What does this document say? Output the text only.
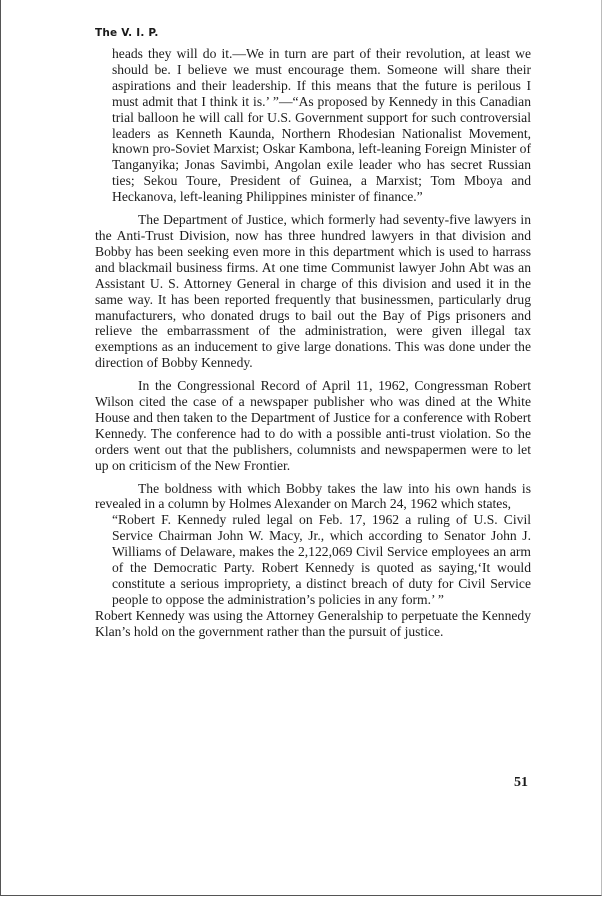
The V. I. P.

heads they will do it.—We in turn are part of their revolution, at least we should be. I believe we must encourage them. Someone will share their aspirations and their leadership. If this means that the future is perilous I must admit that I think it is.’ ”—“As proposed by Kennedy in this Canadian trial balloon he will call for U.S. Government support for such controversial leaders as Kenneth Kaunda, Northern Rhodesian Nationalist Movement, known pro-Soviet Marxist; Oskar Kambona, left-leaning Foreign Minister of Tanganyika; Jonas Savimbi, Angolan exile leader who has secret Russian ties; Sekou Toure, President of Guinea, a Marxist; Tom Mboya and Heckanova, left-leaning Philippines minister of finance.”

The Department of Justice, which formerly had seventy-five lawyers in the Anti-Trust Division, now has three hundred lawyers in that division and Bobby has been seeking even more in this department which is used to harrass and blackmail business firms. At one time Communist lawyer John Abt was an Assistant U. S. Attorney General in charge of this division and used it in the same way. It has been reported frequently that businessmen, particularly drug manufacturers, who donated drugs to bail out the Bay of Pigs prisoners and relieve the embarrassment of the administration, were given illegal tax exemptions as an inducement to give large donations. This was done under the direction of Bobby Kennedy.

In the Congressional Record of April 11, 1962, Congressman Robert Wilson cited the case of a newspaper publisher who was dined at the White House and then taken to the Department of Justice for a conference with Robert Kennedy. The conference had to do with a possible anti-trust violation. So the orders went out that the publishers, columnists and newspapermen were to let up on criticism of the New Frontier.

The boldness with which Bobby takes the law into his own hands is revealed in a column by Holmes Alexander on March 24, 1962 which states,

“Robert F. Kennedy ruled legal on Feb. 17, 1962 a ruling of U.S. Civil Service Chairman John W. Macy, Jr., which according to Senator John J. Williams of Delaware, makes the 2,122,069 Civil Service employees an arm of the Democratic Party. Robert Kennedy is quoted as saying,‘It would constitute a serious impropriety, a distinct breach of duty for Civil Service people to oppose the administration’s policies in any form.’ ”

Robert Kennedy was using the Attorney Generalship to perpetuate the Kennedy Klan’s hold on the government rather than the pursuit of justice.

51
